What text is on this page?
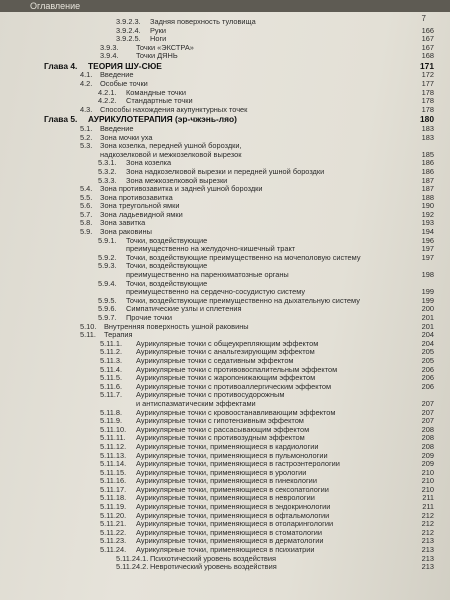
Оглавление
7
3.9.2.3. Задняя поверхность туловища
3.9.2.4. Руки	166
3.9.2.5. Ноги	167
3.9.3. Точки «ЭКСТРА»	167
3.9.4. Точки ДЯНЬ	168
Глава 4. ТЕОРИЯ ШУ-СЮЕ	171
4.1. Введение	172
4.2. Особые точки	177
4.2.1. Командные точки	178
4.2.2. Стандартные точки	178
4.3. Способы нахождения акупунктурных точек	178
Глава 5. АУРИКУЛОТЕРАПИЯ (эр-чжэнь-ляо)	180
5.1. Введение	183
5.2. Зона мочки уха	183
5.3. Зона козелка, передней ушной бороздки,
надкозелковой и межкозелковой вырезок	185
5.3.1. Зона козелка	186
5.3.2. Зона надкозелковой вырезки и передней ушной бороздки	186
5.3.3. Зона межкозелковой вырезки	187
5.4. Зона противозавитка и задней ушной бороздки	187
5.5. Зона противозавитка	188
5.6. Зона треугольной ямки	190
5.7. Зона ладьевидной ямки	192
5.8. Зона завитка	193
5.9. Зона раковины	194
5.9.1. Точки, воздействующие	196
преимущественно на желудочно-кишечный тракт	197
5.9.2. Точки, воздействующие преимущественно на мочеполовую систему	197
5.9.3. Точки, воздействующие
преимущественно на паренхиматозные органы	198
5.9.4. Точки, воздействующие
преимущественно на сердечно-сосудистую систему	199
5.9.5. Точки, воздействующие преимущественно на дыхательную систему	199
5.9.6. Симпатические узлы и сплетения	200
5.9.7. Прочие точки	201
5.10. Внутренняя поверхность ушной раковины	201
5.11. Терапия	204
5.11.1. Аурикулярные точки с общеукрепляющим эффектом	204
5.11.2. Аурикулярные точки с анальгезирующим эффектом	205
5.11.3. Аурикулярные точки с седативным эффектом	205
5.11.4. Аурикулярные точки с противовоспалительным эффектом	206
5.11.5. Аурикулярные точки с жаропонижающим эффектом	206
5.11.6. Аурикулярные точки с противоаллергическим эффектом	206
5.11.7. Аурикулярные точки с противосудорожным
и антиспазматическим эффектами	207
5.11.8. Аурикулярные точки с кровоостанавливающим эффектом	207
5.11.9. Аурикулярные точки с гипотензивным эффектом	207
5.11.10. Аурикулярные точки с рассасывающим эффектом	208
5.11.11. Аурикулярные точки с противозудным эффектом	208
5.11.12. Аурикулярные точки, применяющиеся в кардиологии	208
5.11.13. Аурикулярные точки, применяющиеся в пульмонологии	209
5.11.14. Аурикулярные точки, применяющиеся в гастроэнтерологии	209
5.11.15. Аурикулярные точки, применяющиеся в урологии	210
5.11.16. Аурикулярные точки, применяющиеся в гинекологии	210
5.11.17. Аурикулярные точки, применяющиеся в сексопатологии	210
5.11.18. Аурикулярные точки, применяющиеся в неврологии	211
5.11.19. Аурикулярные точки, применяющиеся в эндокринологии	211
5.11.20. Аурикулярные точки, применяющиеся в офтальмологии	212
5.11.21. Аурикулярные точки, применяющиеся в отоларингологии	212
5.11.22. Аурикулярные точки, применяющиеся в стоматологии	212
5.11.23. Аурикулярные точки, применяющиеся в дерматологии	213
5.11.24. Аурикулярные точки, применяющиеся в психиатрии	213
5.11.24.1. Психотический уровень воздействия	213
5.11.24.2. Невротический уровень воздействия	213
